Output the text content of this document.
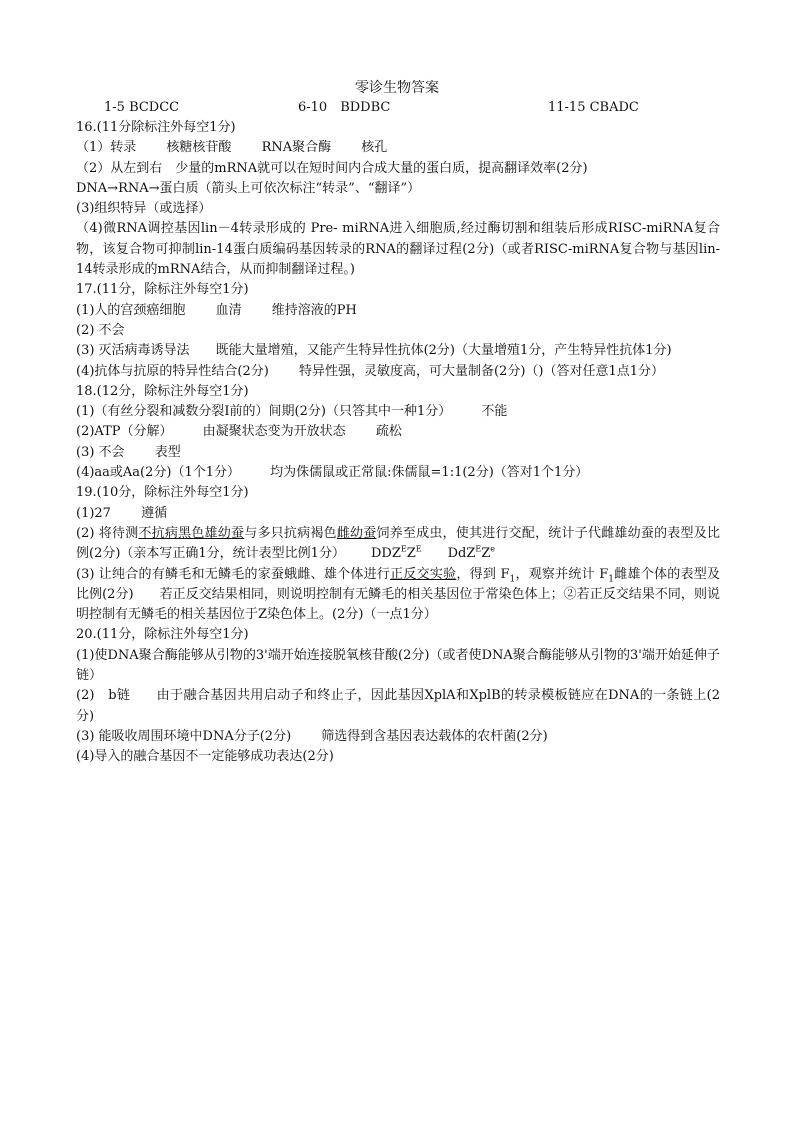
零诊生物答案
1-5 BCDCC	6-10　BDDBC	11-15 CBADC
16.(11分除标注外每空1分)
（1）转录 核糖核苷酸 RNA聚合酶 核孔
（2）从左到右　少量的mRNA就可以在短时间内合成大量的蛋白质，提高翻译效率(2分)
DNA→RNA→蛋白质（箭头上可依次标注“转录”、“翻译”）
(3)组织特异（或选择）
（4)微RNA调控基因lin－4转录形成的 Pre- miRNA进入细胞质,经过酶切割和组装后形成RISC-miRNA复合物，该复合物可抑制lin-14蛋白质编码基因转录的RNA的翻译过程(2分)（或者RISC-miRNA复合物与基因lin-14转录形成的mRNA结合，从而抑制翻译过程。)
17.(11分，除标注外每空1分)
(1)人的宫颈癌细胞 血清 维持溶液的PH
(2) 不会
(3) 灭活病毒诱导法 既能大量增殖，又能产生特异性抗体(2分)（大量增殖1分，产生特异性抗体1分)
(4)抗体与抗原的特异性结合(2分) 特异性强，灵敏度高，可大量制备(2分)（)（答对任意1点1分）
18.(12分，除标注外每空1分)
(1)（有丝分裂和减数分裂Ⅰ前的）间期(2分)（只答其中一种1分） 不能
(2)ATP（分解） 由凝聚状态变为开放状态 疏松
(3) 不会 表型
(4)aa或Aa(2分)（1个1分） 均为侏儒鼠或正常鼠:侏儒鼠=1:1(2分)（答对1个1分）
19.(10分，除标注外每空1分)
(1)27 遵循
(2) 将待测不抗病黑色雄幼蚕与多只抗病褐色雌幼蚕饲养至成虫，使其进行交配，统计子代雌雄幼蚕的表型及比例(2分)（亲本写正确1分，统计表型比例1分） $DDZ^EZ^E$ $DdZ^EZ^e$
(3) 让纯合的有鳞毛和无鳞毛的家蚕蛾雌、雄个体进行正反交实验，得到 $F_1$，观察并统计 $F_1$雌雄个体的表型及比例(2分)　　若正反交结果相同，则说明控制有无鳞毛的相关基因位于常染色体上；②若正反交结果不同，则说明控制有无鳞毛的相关基因位于Z染色体上。(2分)（一点1分）
20.(11分，除标注外每空1分)
(1)使DNA聚合酶能够从引物的3'端开始连接脱氧核苷酸(2分)（或者使DNA聚合酶能够从引物的3'端开始延伸子链）
(2)　b链 由于融合基因共用启动子和终止子，因此基因XplA和XplB的转录模板链应在DNA的一条链上(2分)
(3) 能吸收周围环境中DNA分子(2分) 筛选得到含基因表达载体的农杆菌(2分)
(4)导入的融合基因不一定能够成功表达(2分)
